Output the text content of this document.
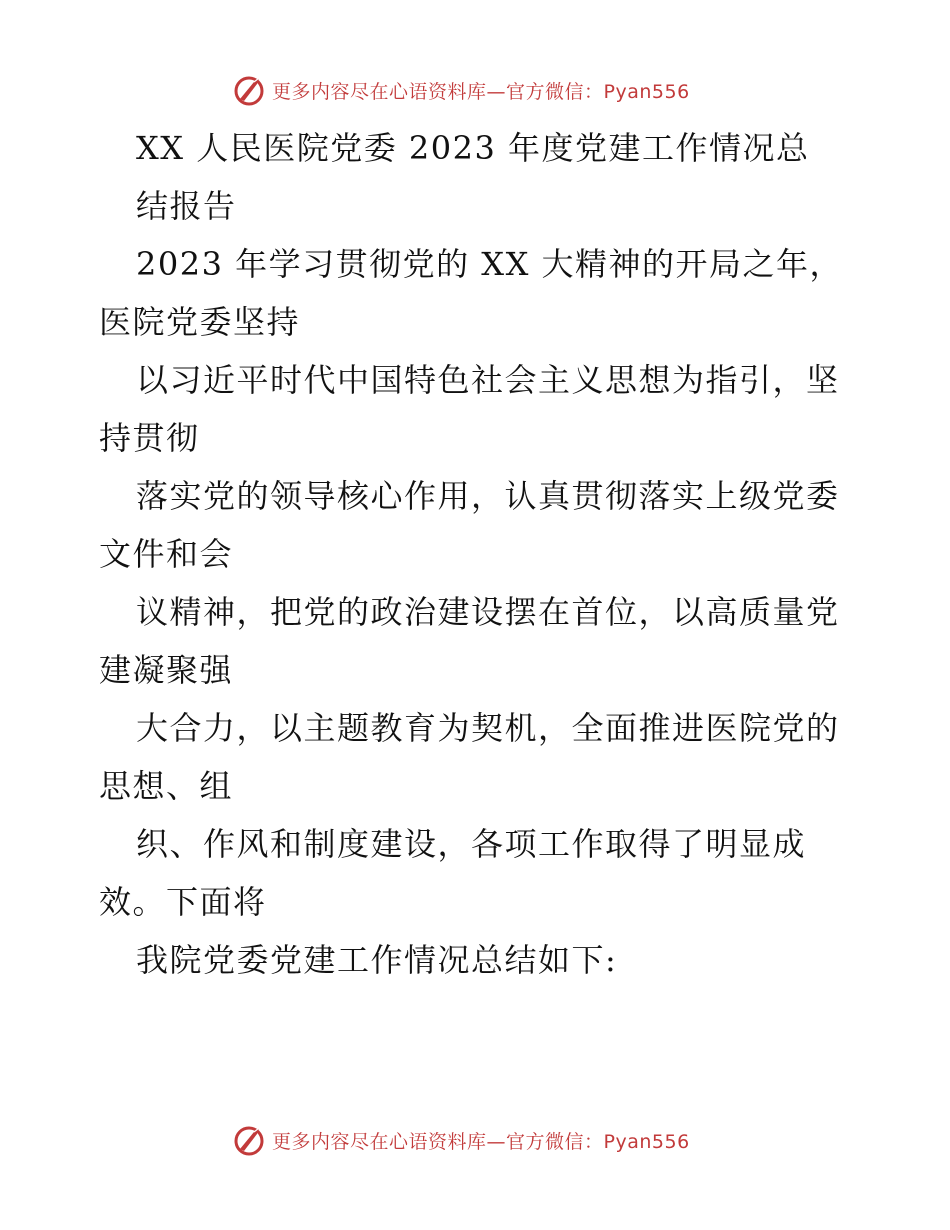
更多内容尽在心语资料库—官方微信：Pyan556
XX 人民医院党委 2023 年度党建工作情况总
结报告
2023 年学习贯彻党的 XX 大精神的开局之年，
医院党委坚持
以习近平时代中国特色社会主义思想为指引，坚
持贯彻
落实党的领导核心作用，认真贯彻落实上级党委
文件和会
议精神，把党的政治建设摆在首位，以高质量党
建凝聚强
大合力，以主题教育为契机，全面推进医院党的
思想、组
织、作风和制度建设，各项工作取得了明显成
效。下面将
我院党委党建工作情况总结如下:
更多内容尽在心语资料库—官方微信：Pyan556
